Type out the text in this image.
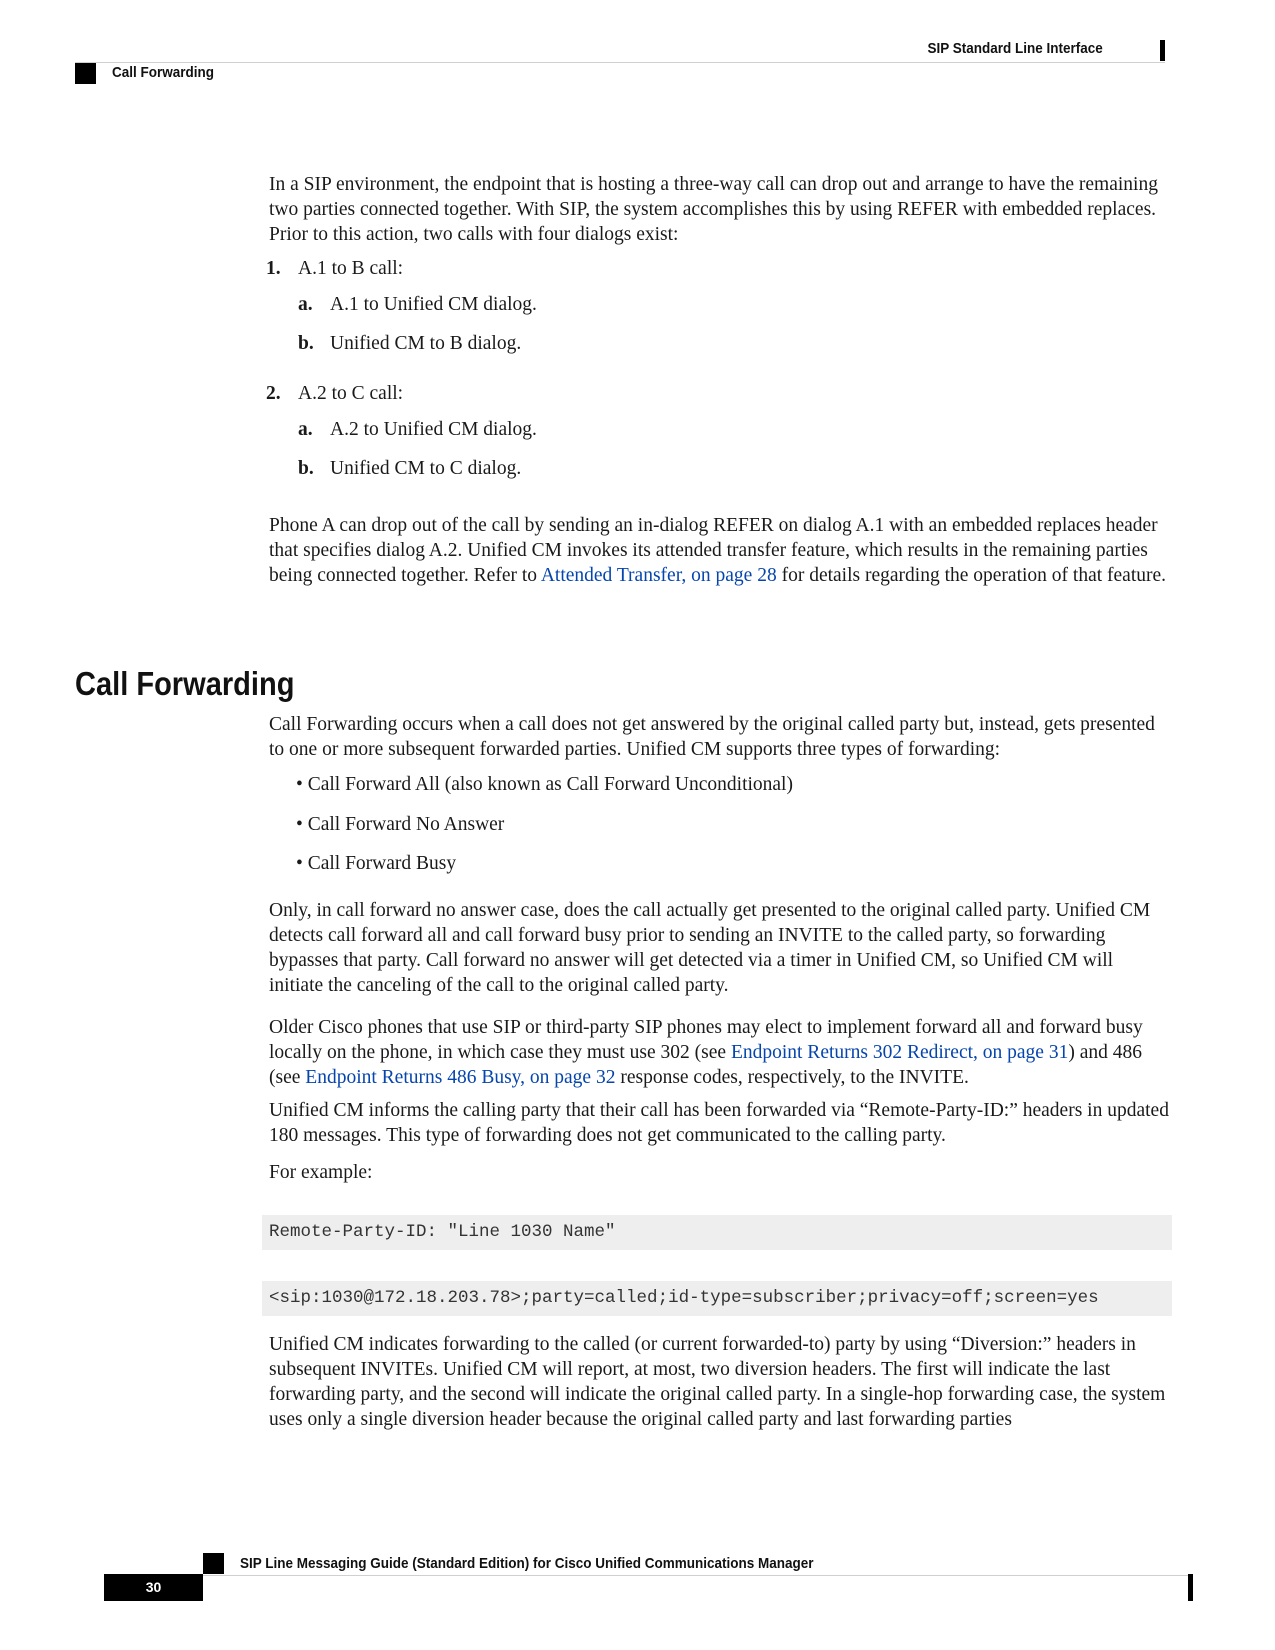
SIP Standard Line Interface
Call Forwarding

In a SIP environment, the endpoint that is hosting a three-way call can drop out and arrange to have the remaining two parties connected together. With SIP, the system accomplishes this by using REFER with embedded replaces. Prior to this action, two calls with four dialogs exist:

1. A.1 to B call:
a. A.1 to Unified CM dialog.
b. Unified CM to B dialog.
2. A.2 to C call:
a. A.2 to Unified CM dialog.
b. Unified CM to C dialog.

Phone A can drop out of the call by sending an in-dialog REFER on dialog A.1 with an embedded replaces header that specifies dialog A.2. Unified CM invokes its attended transfer feature, which results in the remaining parties being connected together. Refer to Attended Transfer, on page 28 for details regarding the operation of that feature.

Call Forwarding

Call Forwarding occurs when a call does not get answered by the original called party but, instead, gets presented to one or more subsequent forwarded parties. Unified CM supports three types of forwarding:

• Call Forward All (also known as Call Forward Unconditional)
• Call Forward No Answer
• Call Forward Busy

Only, in call forward no answer case, does the call actually get presented to the original called party. Unified CM detects call forward all and call forward busy prior to sending an INVITE to the called party, so forwarding bypasses that party. Call forward no answer will get detected via a timer in Unified CM, so Unified CM will initiate the canceling of the call to the original called party.

Older Cisco phones that use SIP or third-party SIP phones may elect to implement forward all and forward busy locally on the phone, in which case they must use 302 (see Endpoint Returns 302 Redirect, on page 31) and 486 (see Endpoint Returns 486 Busy, on page 32 response codes, respectively, to the INVITE.

Unified CM informs the calling party that their call has been forwarded via “Remote-Party-ID:” headers in updated 180 messages. This type of forwarding does not get communicated to the calling party.

For example:

Remote-Party-ID: "Line 1030 Name"
<sip:1030@172.18.203.78>;party=called;id-type=subscriber;privacy=off;screen=yes

Unified CM indicates forwarding to the called (or current forwarded-to) party by using “Diversion:” headers in subsequent INVITEs. Unified CM will report, at most, two diversion headers. The first will indicate the last forwarding party, and the second will indicate the original called party. In a single-hop forwarding case, the system uses only a single diversion header because the original called party and last forwarding parties

SIP Line Messaging Guide (Standard Edition) for Cisco Unified Communications Manager
30
